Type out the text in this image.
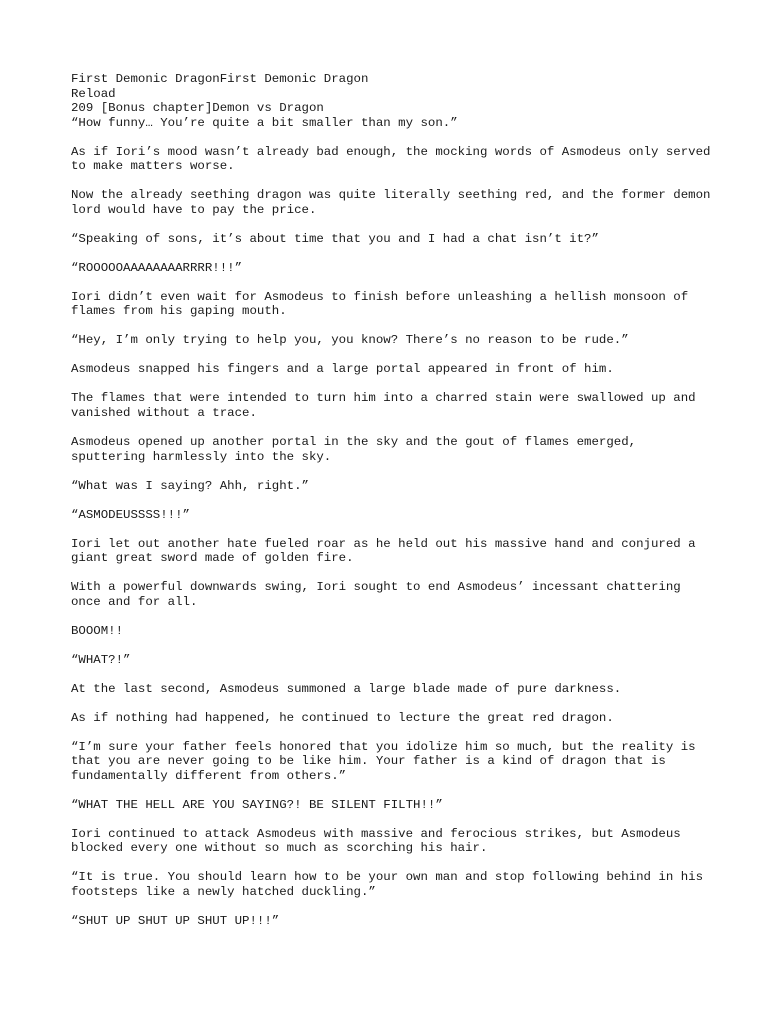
First Demonic DragonFirst Demonic Dragon

Reload

209 [Bonus chapter]Demon vs Dragon

“How funny… You’re quite a bit smaller than my son.”

As if Iori’s mood wasn’t already bad enough, the mocking words of Asmodeus only served to make matters worse.

Now the already seething dragon was quite literally seething red, and the former demon lord would have to pay the price.

“Speaking of sons, it’s about time that you and I had a chat isn’t it?”

“ROOOOOAAAAAAAARRRR!!!”

Iori didn’t even wait for Asmodeus to finish before unleashing a hellish monsoon of flames from his gaping mouth.

“Hey, I’m only trying to help you, you know? There’s no reason to be rude.”

Asmodeus snapped his fingers and a large portal appeared in front of him.

The flames that were intended to turn him into a charred stain were swallowed up and vanished without a trace.

Asmodeus opened up another portal in the sky and the gout of flames emerged, sputtering harmlessly into the sky.

“What was I saying? Ahh, right.”

“ASMODEUSSSS!!!”

Iori let out another hate fueled roar as he held out his massive hand and conjured a giant great sword made of golden fire.

With a powerful downwards swing, Iori sought to end Asmodeus’ incessant chattering once and for all.

BOOOM!!

“WHAT?!”

At the last second, Asmodeus summoned a large blade made of pure darkness.

As if nothing had happened, he continued to lecture the great red dragon.

“I’m sure your father feels honored that you idolize him so much, but the reality is that you are never going to be like him. Your father is a kind of dragon that is fundamentally different from others.”

“WHAT THE HELL ARE YOU SAYING?! BE SILENT FILTH!!”

Iori continued to attack Asmodeus with massive and ferocious strikes, but Asmodeus blocked every one without so much as scorching his hair.

“It is true. You should learn how to be your own man and stop following behind in his footsteps like a newly hatched duckling.”

“SHUT UP SHUT UP SHUT UP!!!”
